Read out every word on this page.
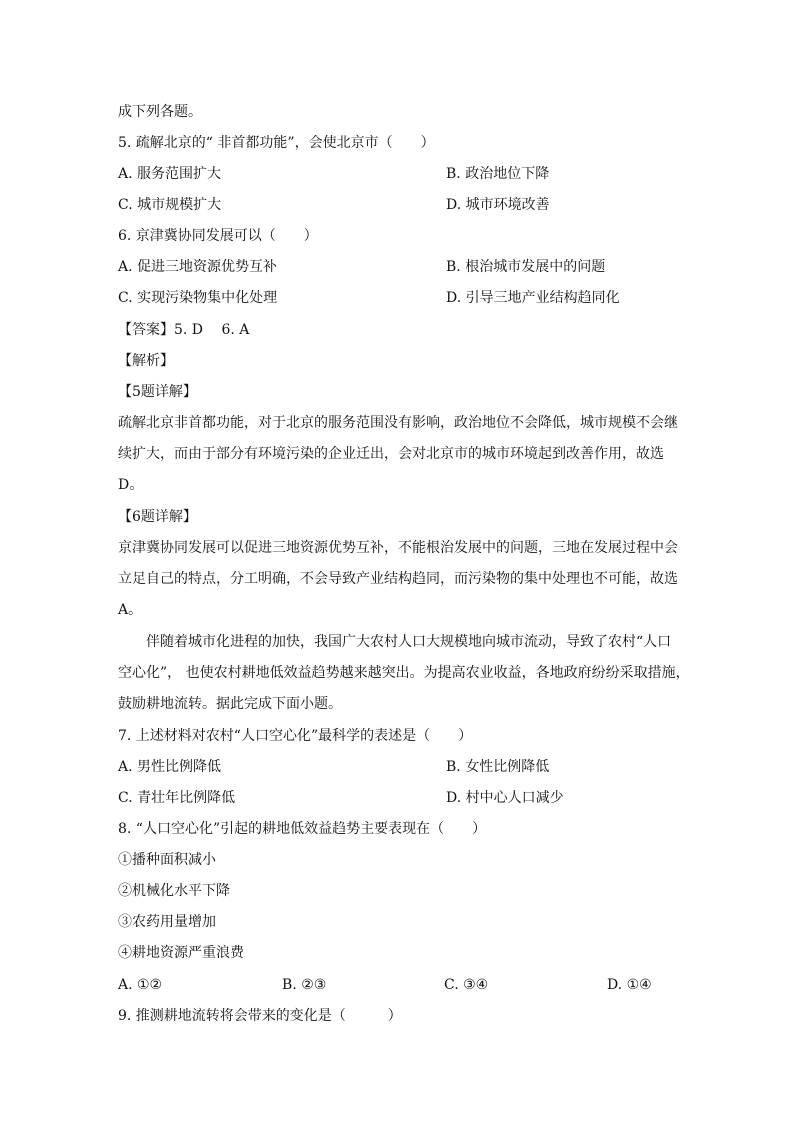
成下列各题。
5. 疏解北京的“ 非首都功能”，会使北京市（　　）
A. 服务范围扩大	B. 政治地位下降
C. 城市规模扩大	D. 城市环境改善
6. 京津冀协同发展可以（　　）
A. 促进三地资源优势互补	B. 根治城市发展中的问题
C. 实现污染物集中化处理	D. 引导三地产业结构趋同化
【答案】5. D　 6. A
【解析】
【5题详解】
疏解北京非首都功能，对于北京的服务范围没有影响，政治地位不会降低，城市规模不会继
续扩大，而由于部分有环境污染的企业迁出，会对北京市的城市环境起到改善作用，故选
D。
【6题详解】
京津冀协同发展可以促进三地资源优势互补，不能根治发展中的问题，三地在发展过程中会
立足自己的特点，分工明确，不会导致产业结构趋同，而污染物的集中处理也不可能，故选
A。
伴随着城市化进程的加快，我国广大农村人口大规模地向城市流动，导致了农村“人口
空心化”， 也使农村耕地低效益趋势越来越突出。为提高农业收益，各地政府纷纷采取措施，
鼓励耕地流转。据此完成下面小题。
7. 上述材料对农村“人口空心化”最科学的表述是（　　）
A. 男性比例降低	B. 女性比例降低
C. 青壮年比例降低	D. 村中心人口减少
8. “人口空心化”引起的耕地低效益趋势主要表现在（　　）
①播种面积减小
②机械化水平下降
③农药用量增加
④耕地资源严重浪费
A. ①②	B. ②③	C. ③④	D. ①④
9. 推测耕地流转将会带来的变化是（　　　）
